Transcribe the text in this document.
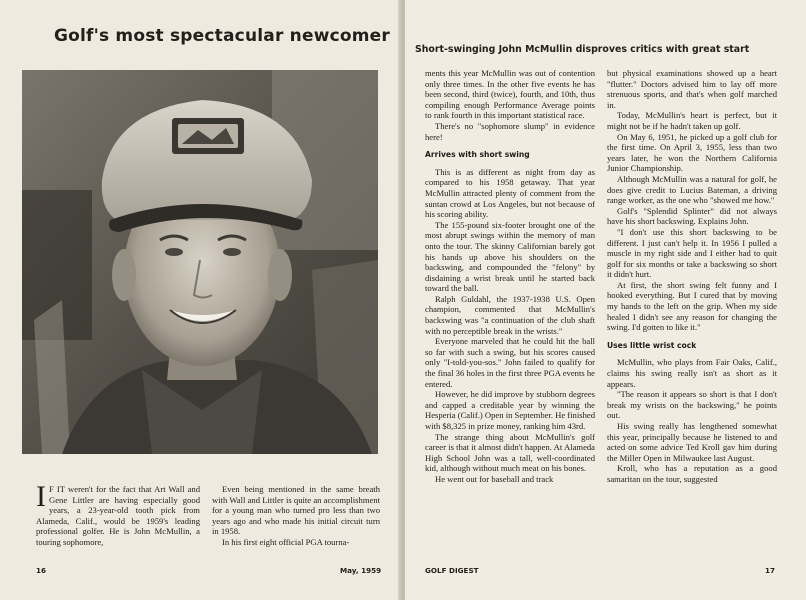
Golf's most spectacular newcomer

I F IT weren't for the fact that Art Wall and Gene Littler are having especially good years, a 23-year-old tooth pick from Alameda, Calif., would be 1959's leading professional golfer. He is John McMullin, a touring sophomore,

Even being mentioned in the same breath with Wall and Littler is quite an accomplishment for a young man who turned pro less than two years ago and who made his initial circuit turn in 1958.

In his first eight official PGA tourna-

16	May, 1959
Short-swinging John McMullin disproves critics with great start

ments this year McMullin was out of contention only three times. In the other five events he has been second, third (twice), fourth, and 10th, thus compiling enough Performance Average points to rank fourth in this important statistical race.

There's no "sophomore slump" in evidence here!

Arrives with short swing

This is as different as night from day as compared to his 1958 getaway. That year McMullin attracted plenty of comment from the suntan crowd at Los Angeles, but not because of his scoring ability.

The 155-pound six-footer brought one of the most abrupt swings within the memory of man onto the tour. The skinny Californian barely got his hands up above his shoulders on the backswing, and compounded the "felony" by disdaining a wrist break until he started back toward the ball.

Ralph Guldahl, the 1937-1938 U.S. Open champion, commented that McMullin's backswing was "a continuation of the club shaft with no perceptible break in the wrists."

Everyone marveled that he could hit the ball so far with such a swing, but his scores caused only "I-told-you-sos." John failed to qualify for the final 36 holes in the first three PGA events he entered.

However, he did improve by stubborn degrees and capped a creditable year by winning the Hesperia (Calif.) Open in September. He finished with $8,325 in prize money, ranking him 43rd.

The strange thing about McMullin's golf career is that it almost didn't happen. At Alameda High School John was a tall, well-coordinated kid, although without much meat on his bones.

He went out for baseball and track

but physical examinations showed up a heart "flutter." Doctors advised him to lay off more strenuous sports, and that's when golf marched in.

Today, McMullin's heart is perfect, but it might not be if he hadn't taken up golf.

On May 6, 1951, he picked up a golf club for the first time. On April 3, 1955, less than two years later, he won the Northern California Junior Championship.

Although McMullin was a natural for golf, he does give credit to Lucius Bateman, a driving range worker, as the one who "showed me how."

Golf's "Splendid Splinter" did not always have his short backswing. Explains John.

"I don't use this short backswing to be different. I just can't help it. In 1956 I pulled a muscle in my right side and I either had to quit golf for six months or take a backswing so short it didn't hurt.

At first, the short swing felt funny and I hooked everything. But I cured that by moving my hands to the left on the grip. When my side healed I didn't see any reason for changing the swing. I'd gotten to like it."

Uses little wrist cock

McMullin, who plays from Fair Oaks, Calif., claims his swing really isn't as short as it appears.

"The reason it appears so short is that I don't break my wrists on the backswing," he points out.

His swing really has lengthened somewhat this year, principally because he listened to and acted on some advice Ted Kroll gav him during the Miller Open in Milwaukee last August.

Kroll, who has a reputation as a good samaritan on the tour, suggested

GOLF DIGEST	17
